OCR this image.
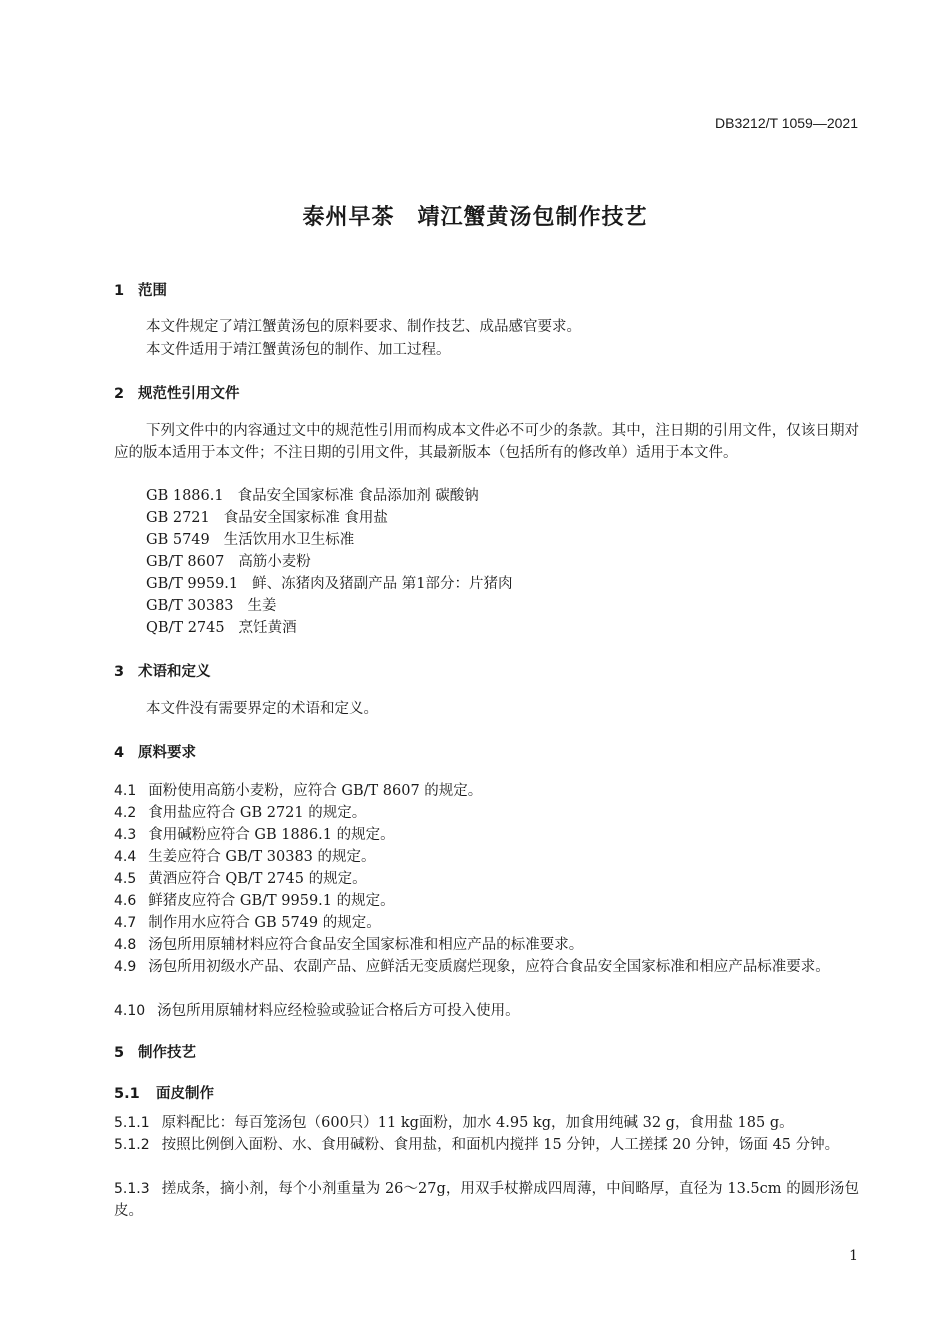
DB3212/T 1059—2021
泰州早茶　靖江蟹黄汤包制作技艺
1 范围
本文件规定了靖江蟹黄汤包的原料要求、制作技艺、成品感官要求。
本文件适用于靖江蟹黄汤包的制作、加工过程。
2 规范性引用文件
下列文件中的内容通过文中的规范性引用而构成本文件必不可少的条款。其中，注日期的引用文件，仅该日期对应的版本适用于本文件；不注日期的引用文件，其最新版本（包括所有的修改单）适用于本文件。
GB 1886.1 食品安全国家标准 食品添加剂 碳酸钠
GB 2721 食品安全国家标准 食用盐
GB 5749 生活饮用水卫生标准
GB/T 8607 高筋小麦粉
GB/T 9959.1 鲜、冻猪肉及猪副产品 第1部分：片猪肉
GB/T 30383 生姜
QB/T 2745 烹饪黄酒
3 术语和定义
本文件没有需要界定的术语和定义。
4 原料要求
4.1 面粉使用高筋小麦粉，应符合 GB/T 8607 的规定。
4.2 食用盐应符合 GB 2721 的规定。
4.3 食用碱粉应符合 GB 1886.1 的规定。
4.4 生姜应符合 GB/T 30383 的规定。
4.5 黄酒应符合 QB/T 2745 的规定。
4.6 鲜猪皮应符合 GB/T 9959.1 的规定。
4.7 制作用水应符合 GB 5749 的规定。
4.8 汤包所用原辅材料应符合食品安全国家标准和相应产品的标准要求。
4.9 汤包所用初级水产品、农副产品、应鲜活无变质腐烂现象，应符合食品安全国家标准和相应产品标准要求。
4.10 汤包所用原辅材料应经检验或验证合格后方可投入使用。
5 制作技艺
5.1 面皮制作
5.1.1 原料配比：每百笼汤包（600只）11 kg面粉，加水 4.95 kg，加食用纯碱 32 g，食用盐 185 g。
5.1.2 按照比例倒入面粉、水、食用碱粉、食用盐，和面机内搅拌 15 分钟，人工搓揉 20 分钟，饧面 45 分钟。
5.1.3 搓成条，摘小剂，每个小剂重量为 26～27g，用双手杖擀成四周薄，中间略厚，直径为 13.5cm 的圆形汤包皮。
1
